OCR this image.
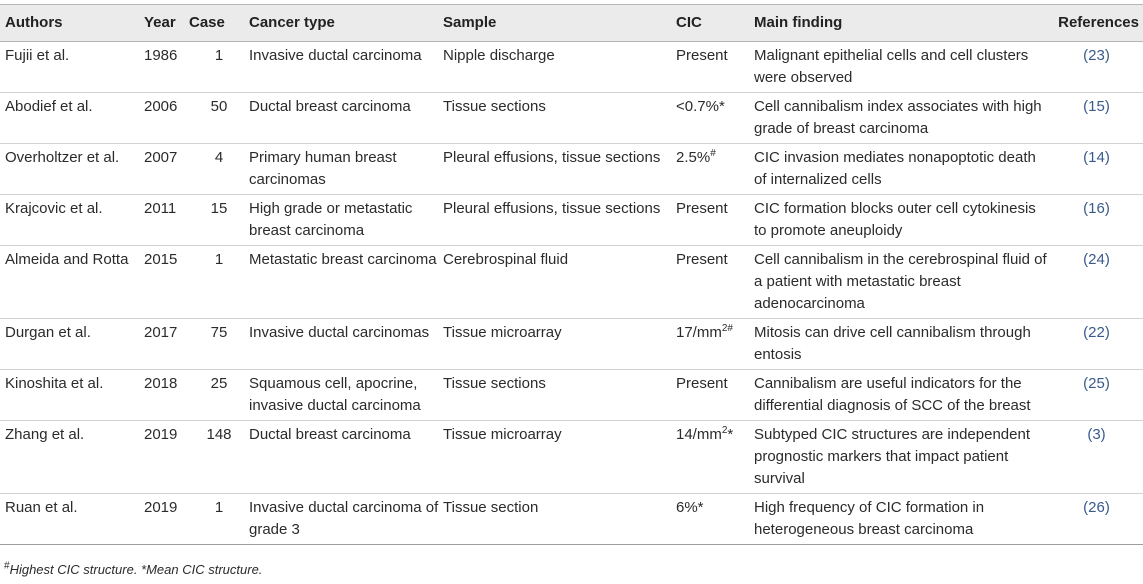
Authors	Year	Case	Cancer type	Sample	CIC	Main finding	References
Fujii et al.	1986	1	Invasive ductal carcinoma	Nipple discharge	Present	Malignant epithelial cells and cell clusters were observed	(23)
Abodief et al.	2006	50	Ductal breast carcinoma	Tissue sections	<0.7%*	Cell cannibalism index associates with high grade of breast carcinoma	(15)
Overholtzer et al.	2007	4	Primary human breast carcinomas	Pleural effusions, tissue sections	2.5%#	CIC invasion mediates nonapoptotic death of internalized cells	(14)
Krajcovic et al.	2011	15	High grade or metastatic breast carcinoma	Pleural effusions, tissue sections	Present	CIC formation blocks outer cell cytokinesis to promote aneuploidy	(16)
Almeida and Rotta	2015	1	Metastatic breast carcinoma	Cerebrospinal fluid	Present	Cell cannibalism in the cerebrospinal fluid of a patient with metastatic breast adenocarcinoma	(24)
Durgan et al.	2017	75	Invasive ductal carcinomas	Tissue microarray	$17/mm^{2\#}$	Mitosis can drive cell cannibalism through entosis	(22)
Kinoshita et al.	2018	25	Squamous cell, apocrine, invasive ductal carcinoma	Tissue sections	Present	Cannibalism are useful indicators for the differential diagnosis of SCC of the breast	(25)
Zhang et al.	2019	148	Ductal breast carcinoma	Tissue microarray	$14/mm^2*$	Subtyped CIC structures are independent prognostic markers that impact patient survival	(3)
Ruan et al.	2019	1	Invasive ductal carcinoma of grade 3	Tissue section	6%*	High frequency of CIC formation in heterogeneous breast carcinoma	(26)
#Highest CIC structure. *Mean CIC structure.
